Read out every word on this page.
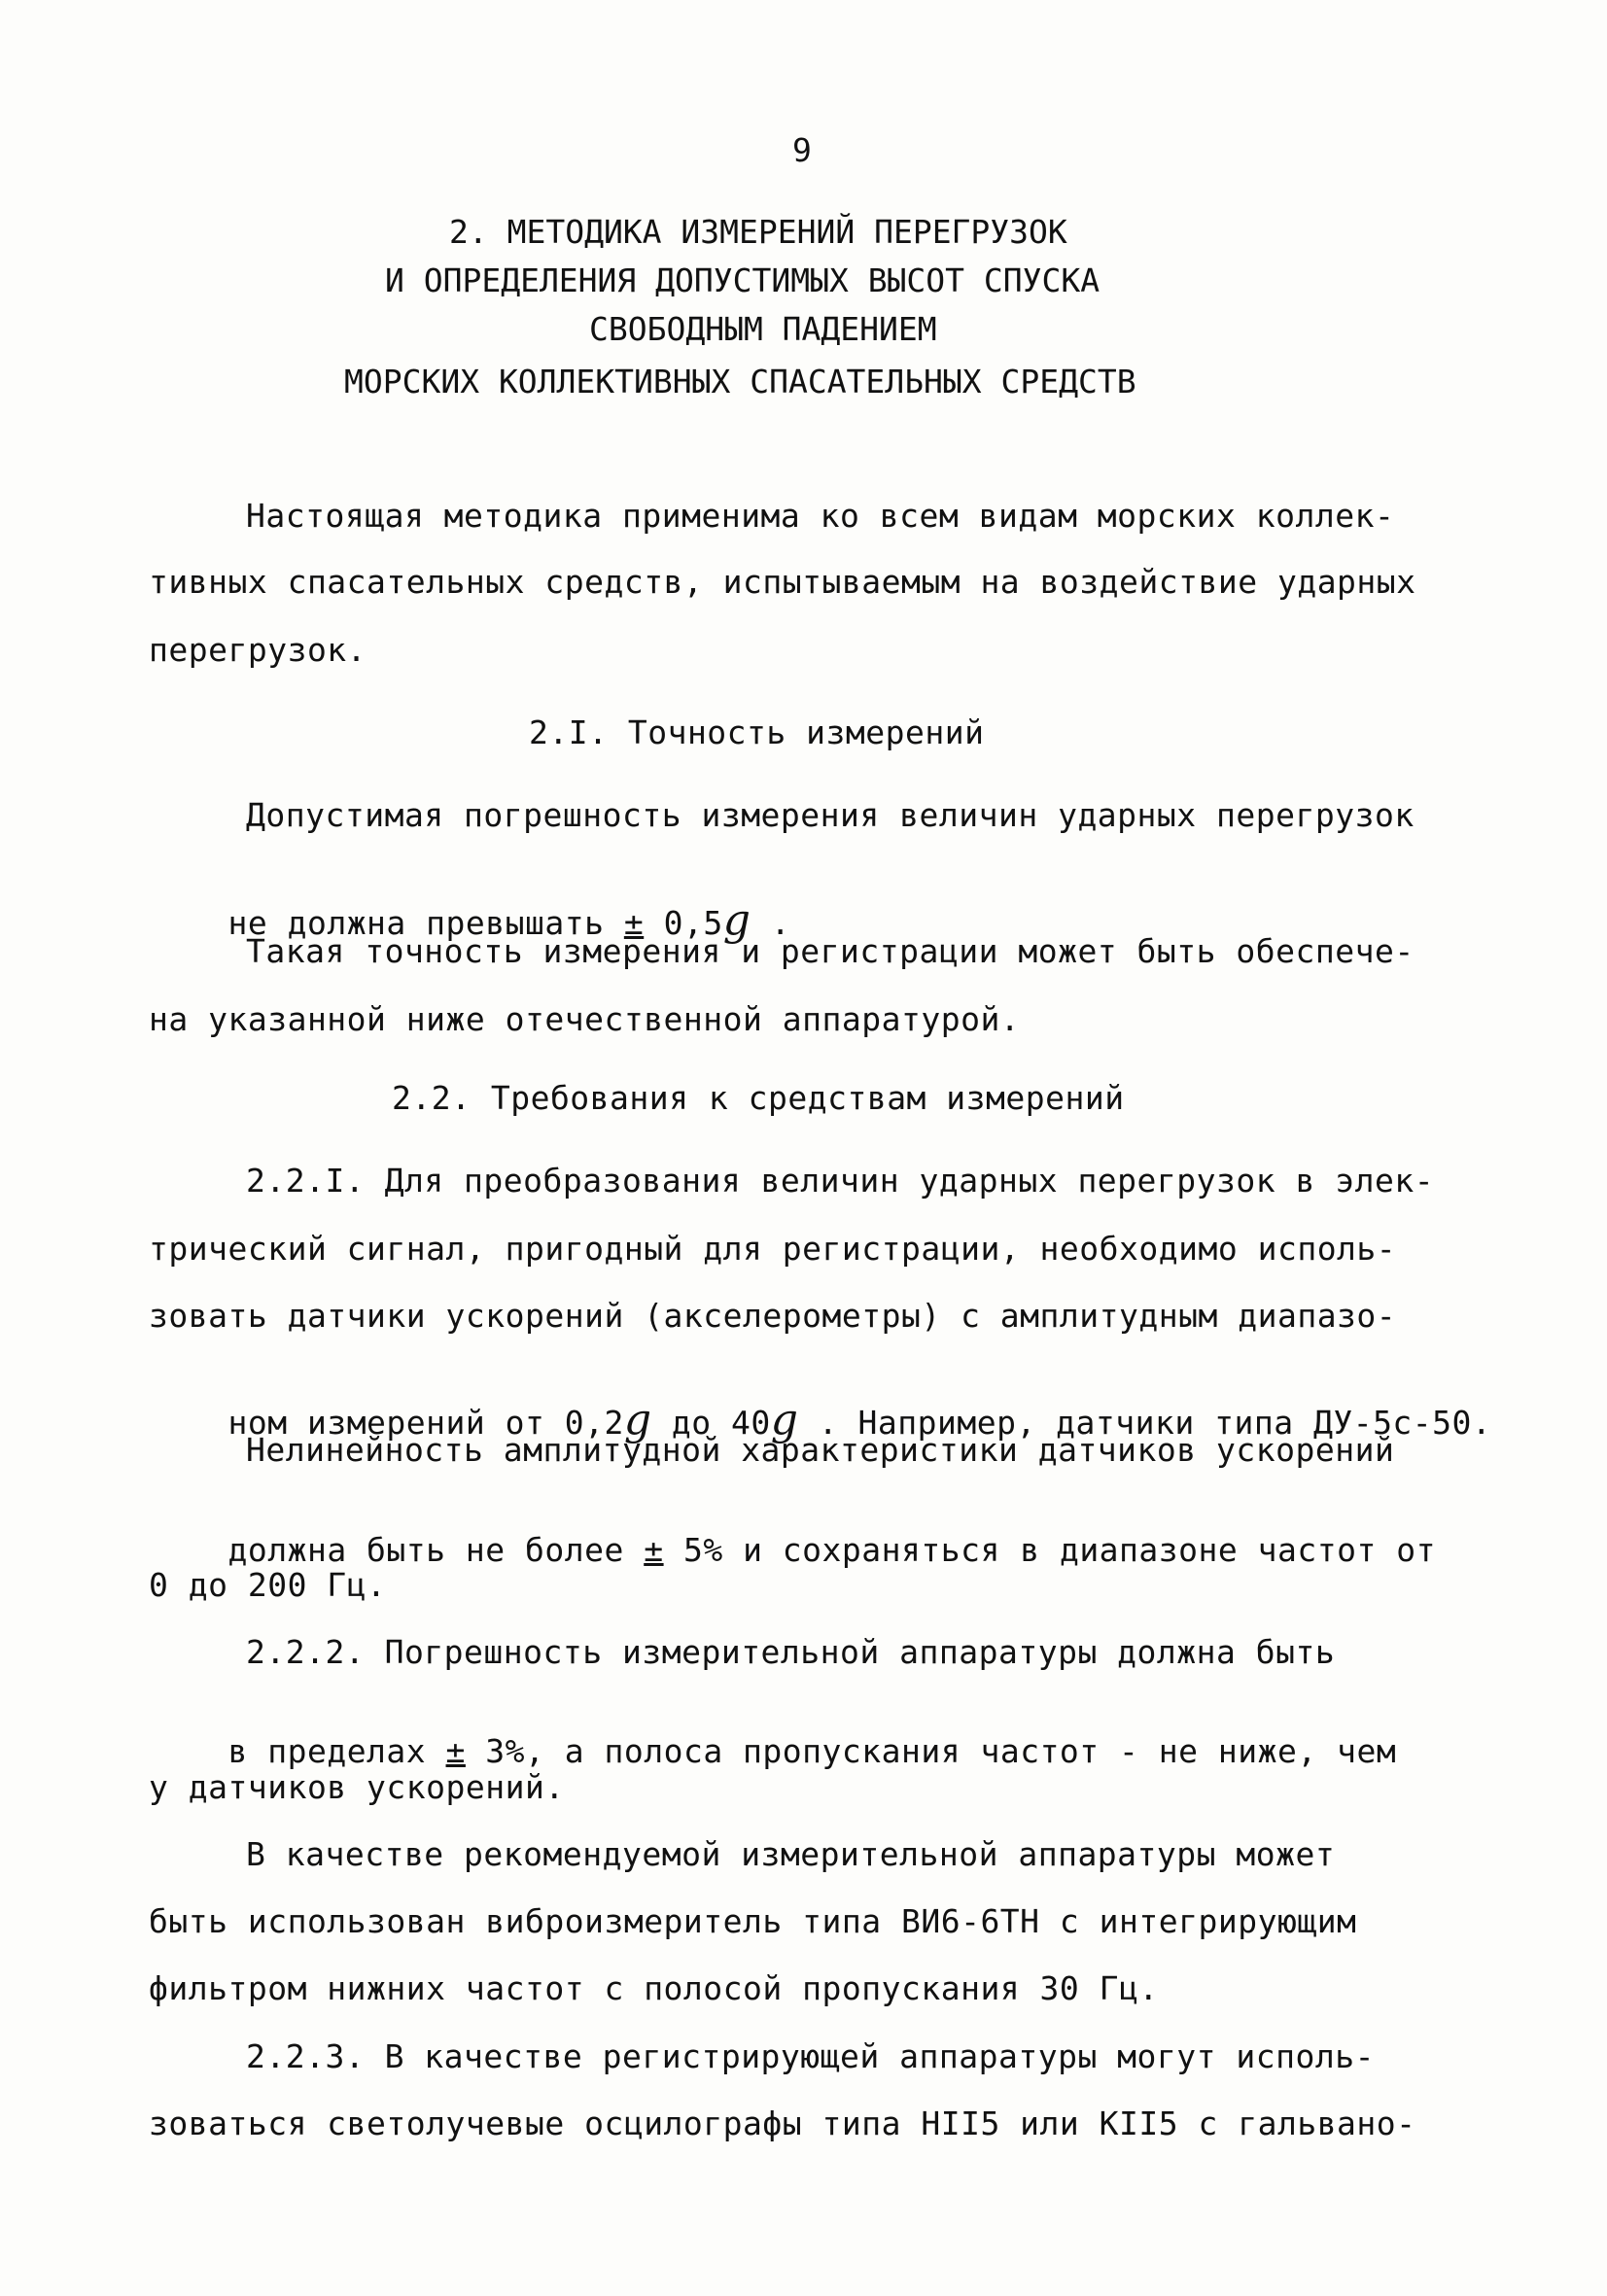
9
2. МЕТОДИКА ИЗМЕРЕНИЙ ПЕРЕГРУЗОК
И ОПРЕДЕЛЕНИЯ ДОПУСТИМЫХ ВЫСОТ СПУСКА
СВОБОДНЫМ ПАДЕНИЕМ
МОРСКИХ КОЛЛЕКТИВНЫХ СПАСАТЕЛЬНЫХ СРЕДСТВ
Настоящая методика применима ко всем видам морских коллек-
тивных спасательных средств, испытываемым на воздействие ударных
перегрузок.
2.I. Точность измерений
Допустимая погрешность измерения величин ударных перегрузок

не должна превышать ± 0,5g .

Такая точность измерения и регистрации может быть обеспече-
на указанной ниже отечественной аппаратурой.
2.2. Требования к средствам измерений
2.2.I. Для преобразования величин ударных перегрузок в элек-
трический сигнал, пригодный для регистрации, необходимо исполь-
зовать датчики ускорений (акселерометры) с амплитудным диапазо-

ном измерений от 0,2g до 40g . Например, датчики типа ДУ-5с-50.

Нелинейность амплитудной характеристики датчиков ускорений

должна быть не более ± 5% и сохраняться в диапазоне частот от

0 до 200 Гц.
2.2.2. Погрешность измерительной аппаратуры должна быть

в пределах ± 3%, а полоса пропускания частот - не ниже, чем

у датчиков ускорений.
В качестве рекомендуемой измерительной аппаратуры может
быть использован виброизмеритель типа ВИ6-6ТН с интегрирующим
фильтром нижних частот с полосой пропускания 30 Гц.
2.2.3. В качестве регистрирующей аппаратуры могут исполь-
зоваться светолучевые осцилографы типа НII5 или КII5 с гальвано-
